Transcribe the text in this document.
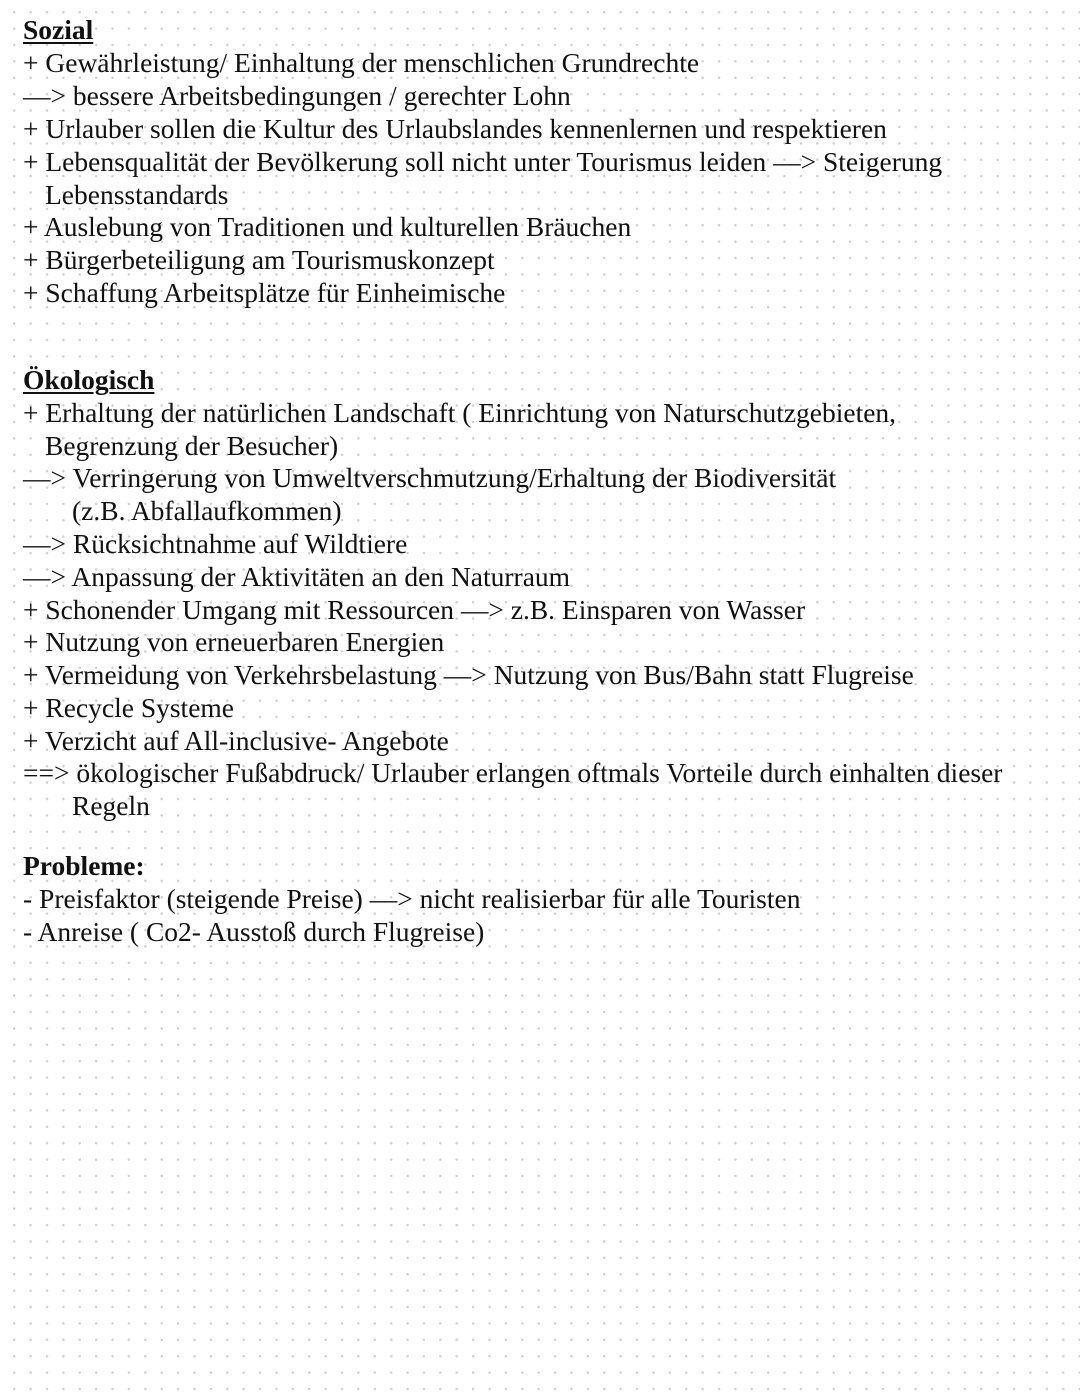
Sozial
+ Gewährleistung/ Einhaltung der menschlichen Grundrechte
—> bessere Arbeitsbedingungen / gerechter Lohn
+ Urlauber sollen die Kultur des Urlaubslandes kennenlernen und respektieren
+ Lebensqualität der Bevölkerung soll nicht unter Tourismus leiden —> Steigerung
Lebensstandards
+ Auslebung von Traditionen und kulturellen Bräuchen
+ Bürgerbeteiligung am Tourismuskonzept
+ Schaffung Arbeitsplätze für Einheimische
Ökologisch
+ Erhaltung der natürlichen Landschaft ( Einrichtung von Naturschutzgebieten,
Begrenzung der Besucher)
—> Verringerung von Umweltverschmutzung/Erhaltung der Biodiversität
(z.B. Abfallaufkommen)
—> Rücksichtnahme auf Wildtiere
—> Anpassung der Aktivitäten an den Naturraum
+ Schonender Umgang mit Ressourcen —> z.B. Einsparen von Wasser
+ Nutzung von erneuerbaren Energien
+ Vermeidung von Verkehrsbelastung —> Nutzung von Bus/Bahn statt Flugreise
+ Recycle Systeme
+ Verzicht auf All-inclusive- Angebote
==> ökologischer Fußabdruck/ Urlauber erlangen oftmals Vorteile durch einhalten dieser
Regeln
Probleme:
- Preisfaktor (steigende Preise) —> nicht realisierbar für alle Touristen
- Anreise ( Co2- Ausstoß durch Flugreise)
